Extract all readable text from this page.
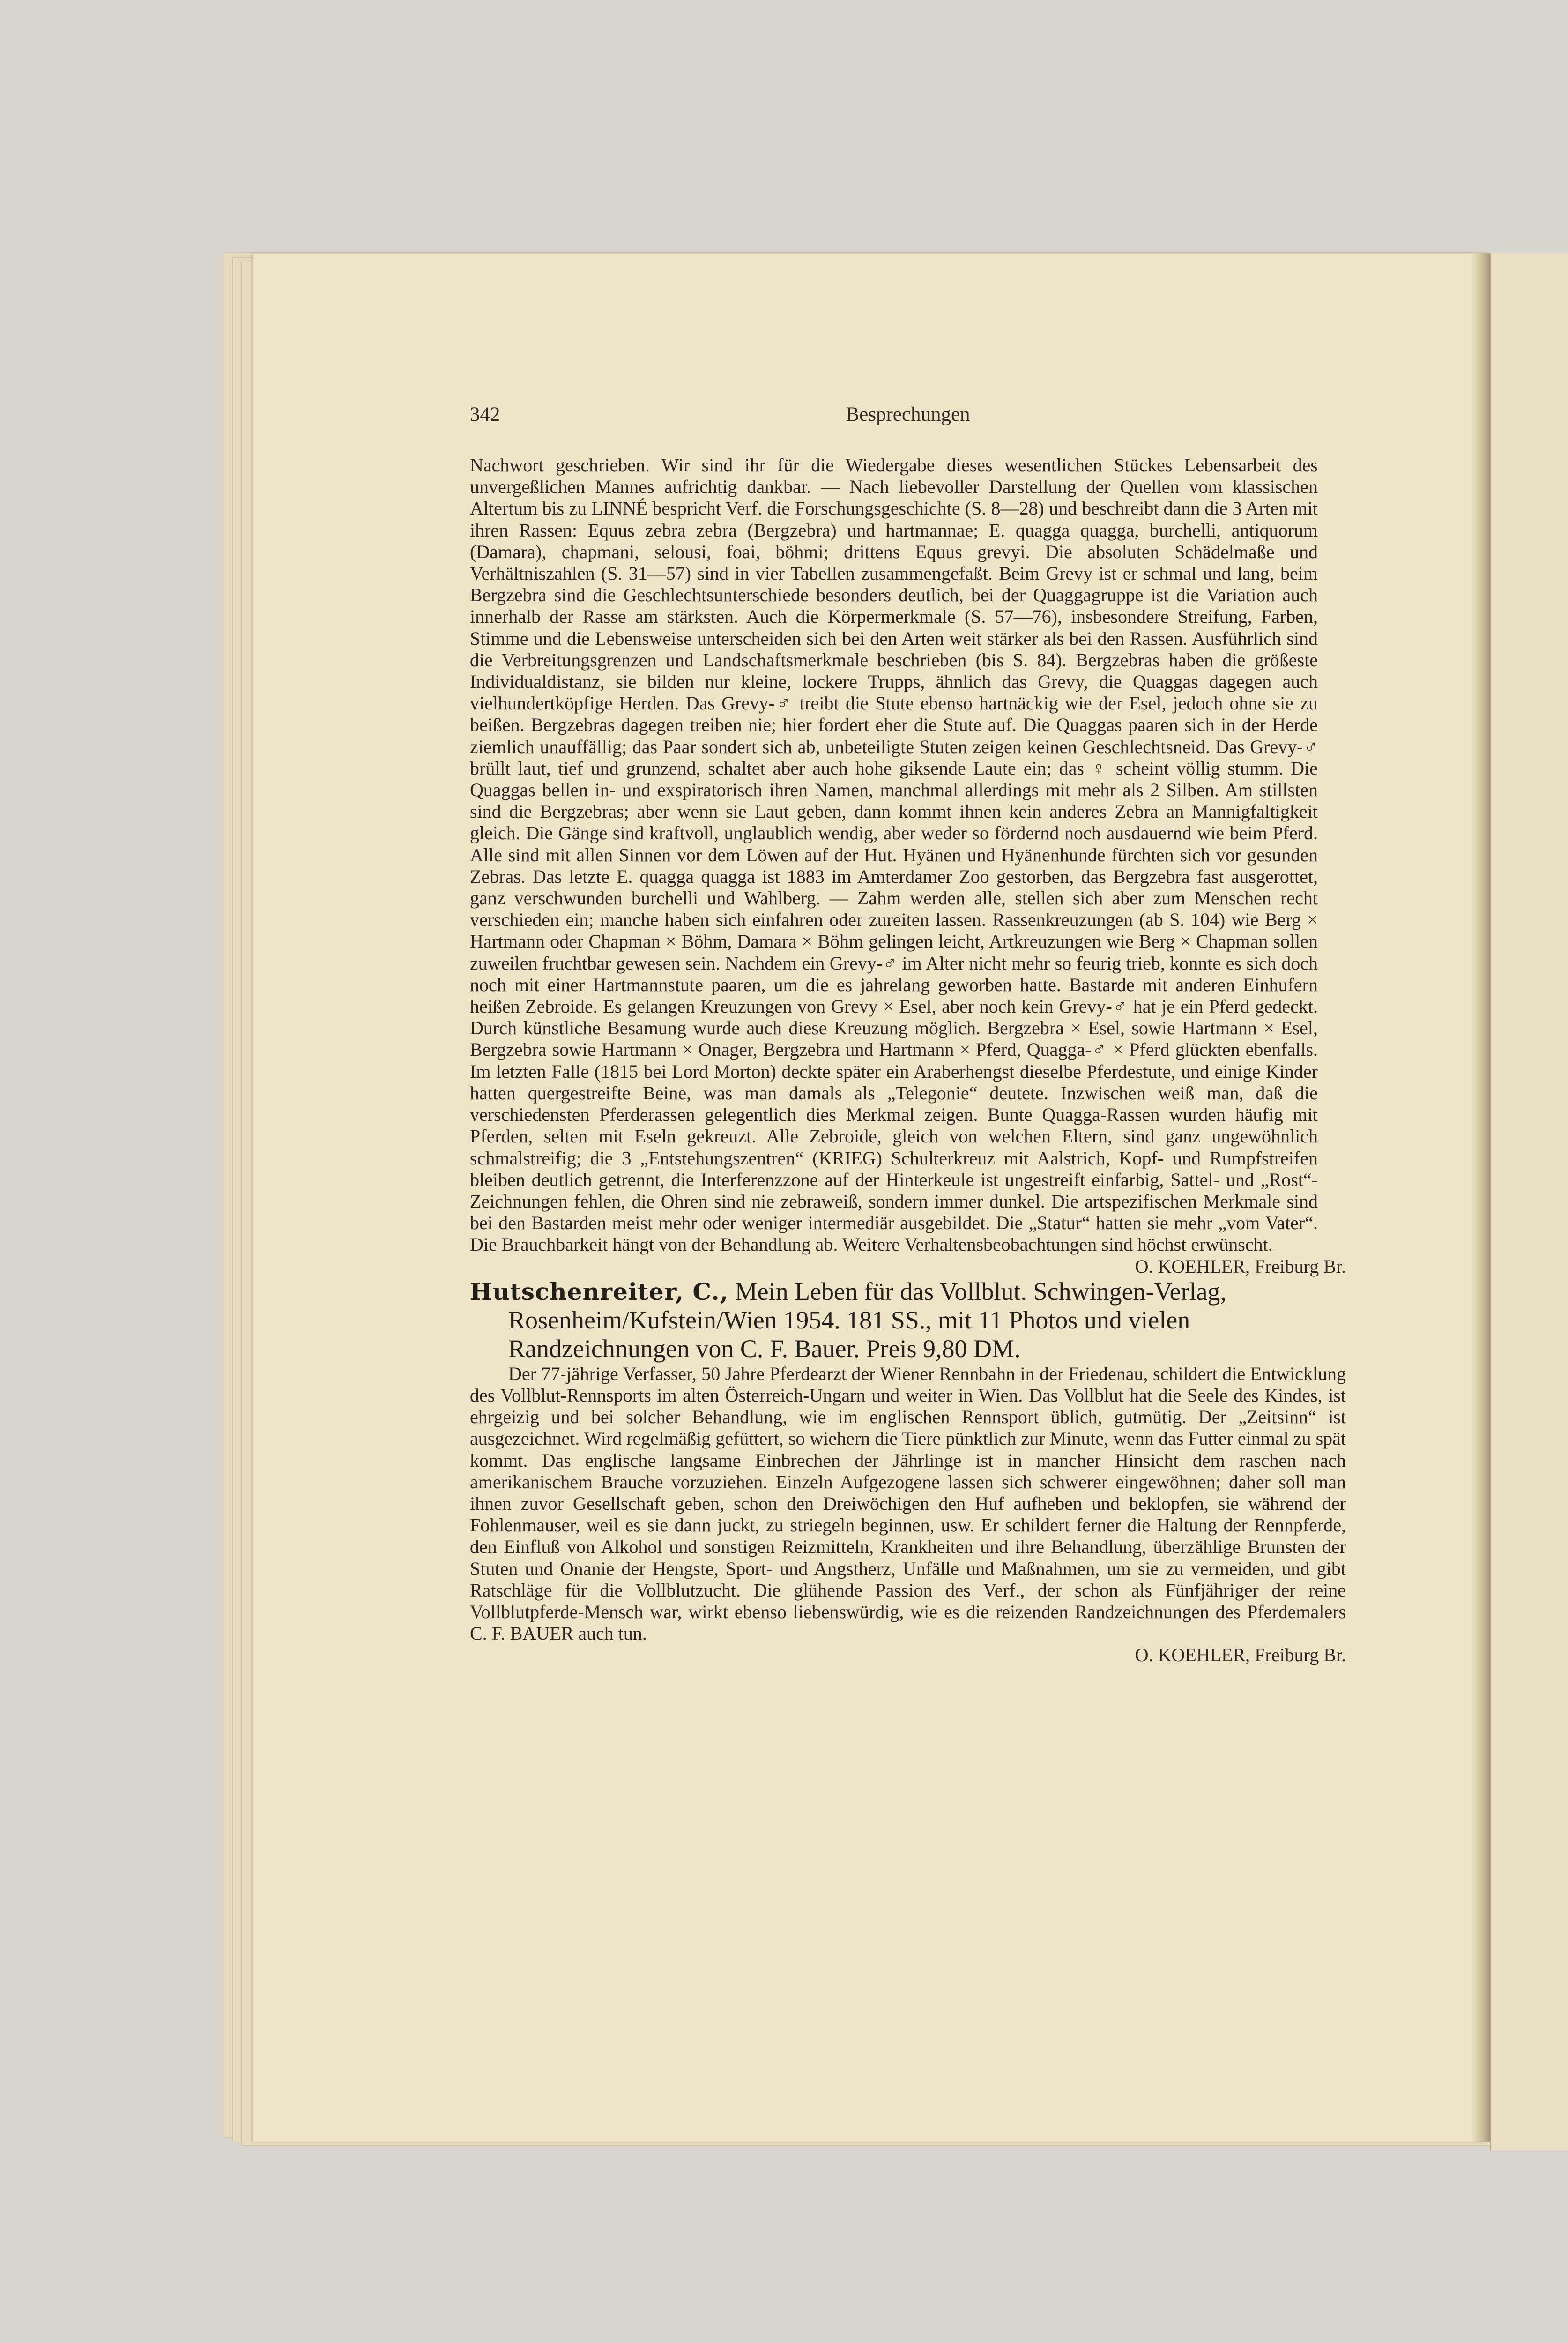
342	Besprechungen

Nachwort geschrieben. Wir sind ihr für die Wiedergabe dieses wesentlichen Stückes Lebensarbeit des unvergeßlichen Mannes aufrichtig dankbar. — Nach liebevoller Darstellung der Quellen vom klassischen Altertum bis zu LINNÉ bespricht Verf. die Forschungsgeschichte (S. 8—28) und beschreibt dann die 3 Arten mit ihren Rassen: Equus zebra zebra (Bergzebra) und hartmannae; E. quagga quagga, burchelli, antiquorum (Damara), chapmani, selousi, foai, böhmi; drittens Equus grevyi. Die absoluten Schädelmaße und Verhältniszahlen (S. 31—57) sind in vier Tabellen zusammengefaßt. Beim Grevy ist er schmal und lang, beim Bergzebra sind die Geschlechtsunterschiede besonders deutlich, bei der Quaggagruppe ist die Variation auch innerhalb der Rasse am stärksten. Auch die Körpermerkmale (S. 57—76), insbesondere Streifung, Farben, Stimme und die Lebensweise unterscheiden sich bei den Arten weit stärker als bei den Rassen. Ausführlich sind die Verbreitungsgrenzen und Landschaftsmerkmale beschrieben (bis S. 84). Bergzebras haben die größeste Individualdistanz, sie bilden nur kleine, lockere Trupps, ähnlich das Grevy, die Quaggas dagegen auch vielhundertköpfige Herden. Das Grevy-♂ treibt die Stute ebenso hartnäckig wie der Esel, jedoch ohne sie zu beißen. Bergzebras dagegen treiben nie; hier fordert eher die Stute auf. Die Quaggas paaren sich in der Herde ziemlich unauffällig; das Paar sondert sich ab, unbeteiligte Stuten zeigen keinen Geschlechtsneid. Das Grevy-♂ brüllt laut, tief und grunzend, schaltet aber auch hohe giksende Laute ein; das ♀ scheint völlig stumm. Die Quaggas bellen in- und exspiratorisch ihren Namen, manchmal allerdings mit mehr als 2 Silben. Am stillsten sind die Bergzebras; aber wenn sie Laut geben, dann kommt ihnen kein anderes Zebra an Mannigfaltigkeit gleich. Die Gänge sind kraftvoll, unglaublich wendig, aber weder so fördernd noch ausdauernd wie beim Pferd. Alle sind mit allen Sinnen vor dem Löwen auf der Hut. Hyänen und Hyänenhunde fürchten sich vor gesunden Zebras. Das letzte E. quagga quagga ist 1883 im Amterdamer Zoo gestorben, das Bergzebra fast ausgerottet, ganz verschwunden burchelli und Wahlberg. — Zahm werden alle, stellen sich aber zum Menschen recht verschieden ein; manche haben sich einfahren oder zureiten lassen. Rassenkreuzungen (ab S. 104) wie Berg × Hartmann oder Chapman × Böhm, Damara × Böhm gelingen leicht, Artkreuzungen wie Berg × Chapman sollen zuweilen fruchtbar gewesen sein. Nachdem ein Grevy-♂ im Alter nicht mehr so feurig trieb, konnte es sich doch noch mit einer Hartmannstute paaren, um die es jahrelang geworben hatte. Bastarde mit anderen Einhufern heißen Zebroide. Es gelangen Kreuzungen von Grevy × Esel, aber noch kein Grevy-♂ hat je ein Pferd gedeckt. Durch künstliche Besamung wurde auch diese Kreuzung möglich. Bergzebra × Esel, sowie Hartmann × Esel, Bergzebra sowie Hartmann × Onager, Bergzebra und Hartmann × Pferd, Quagga-♂ × Pferd glückten ebenfalls. Im letzten Falle (1815 bei Lord Morton) deckte später ein Araberhengst dieselbe Pferdestute, und einige Kinder hatten quergestreifte Beine, was man damals als „Telegonie“ deutete. Inzwischen weiß man, daß die verschiedensten Pferderassen gelegentlich dies Merkmal zeigen. Bunte Quagga-Rassen wurden häufig mit Pferden, selten mit Eseln gekreuzt. Alle Zebroide, gleich von welchen Eltern, sind ganz ungewöhnlich schmalstreifig; die 3 „Entstehungszentren“ (KRIEG) Schulterkreuz mit Aalstrich, Kopf- und Rumpfstreifen bleiben deutlich getrennt, die Interferenzzone auf der Hinterkeule ist ungestreift einfarbig, Sattel- und „Rost“-Zeichnungen fehlen, die Ohren sind nie zebraweiß, sondern immer dunkel. Die artspezifischen Merkmale sind bei den Bastarden meist mehr oder weniger intermediär ausgebildet. Die „Statur“ hatten sie mehr „vom Vater“. Die Brauchbarkeit hängt von der Behandlung ab. Weitere Verhaltensbeobachtungen sind höchst erwünscht.

O. KOEHLER, Freiburg Br.

Hutschenreiter, C., Mein Leben für das Vollblut. Schwingen-Verlag, Rosenheim/Kufstein/Wien 1954. 181 SS., mit 11 Photos und vielen Randzeichnungen von C. F. Bauer. Preis 9,80 DM.

Der 77-jährige Verfasser, 50 Jahre Pferdearzt der Wiener Rennbahn in der Friedenau, schildert die Entwicklung des Vollblut-Rennsports im alten Österreich-Ungarn und weiter in Wien. Das Vollblut hat die Seele des Kindes, ist ehrgeizig und bei solcher Behandlung, wie im englischen Rennsport üblich, gutmütig. Der „Zeitsinn“ ist ausgezeichnet. Wird regelmäßig gefüttert, so wiehern die Tiere pünktlich zur Minute, wenn das Futter einmal zu spät kommt. Das englische langsame Einbrechen der Jährlinge ist in mancher Hinsicht dem raschen nach amerikanischem Brauche vorzuziehen. Einzeln Aufgezogene lassen sich schwerer eingewöhnen; daher soll man ihnen zuvor Gesellschaft geben, schon den Dreiwöchigen den Huf aufheben und beklopfen, sie während der Fohlenmauser, weil es sie dann juckt, zu striegeln beginnen, usw. Er schildert ferner die Haltung der Rennpferde, den Einfluß von Alkohol und sonstigen Reizmitteln, Krankheiten und ihre Behandlung, überzählige Brunsten der Stuten und Onanie der Hengste, Sport- und Angstherz, Unfälle und Maßnahmen, um sie zu vermeiden, und gibt Ratschläge für die Vollblutzucht. Die glühende Passion des Verf., der schon als Fünfjähriger der reine Vollblutpferde-Mensch war, wirkt ebenso liebenswürdig, wie es die reizenden Randzeichnungen des Pferdemalers C. F. BAUER auch tun.

O. KOEHLER, Freiburg Br.
